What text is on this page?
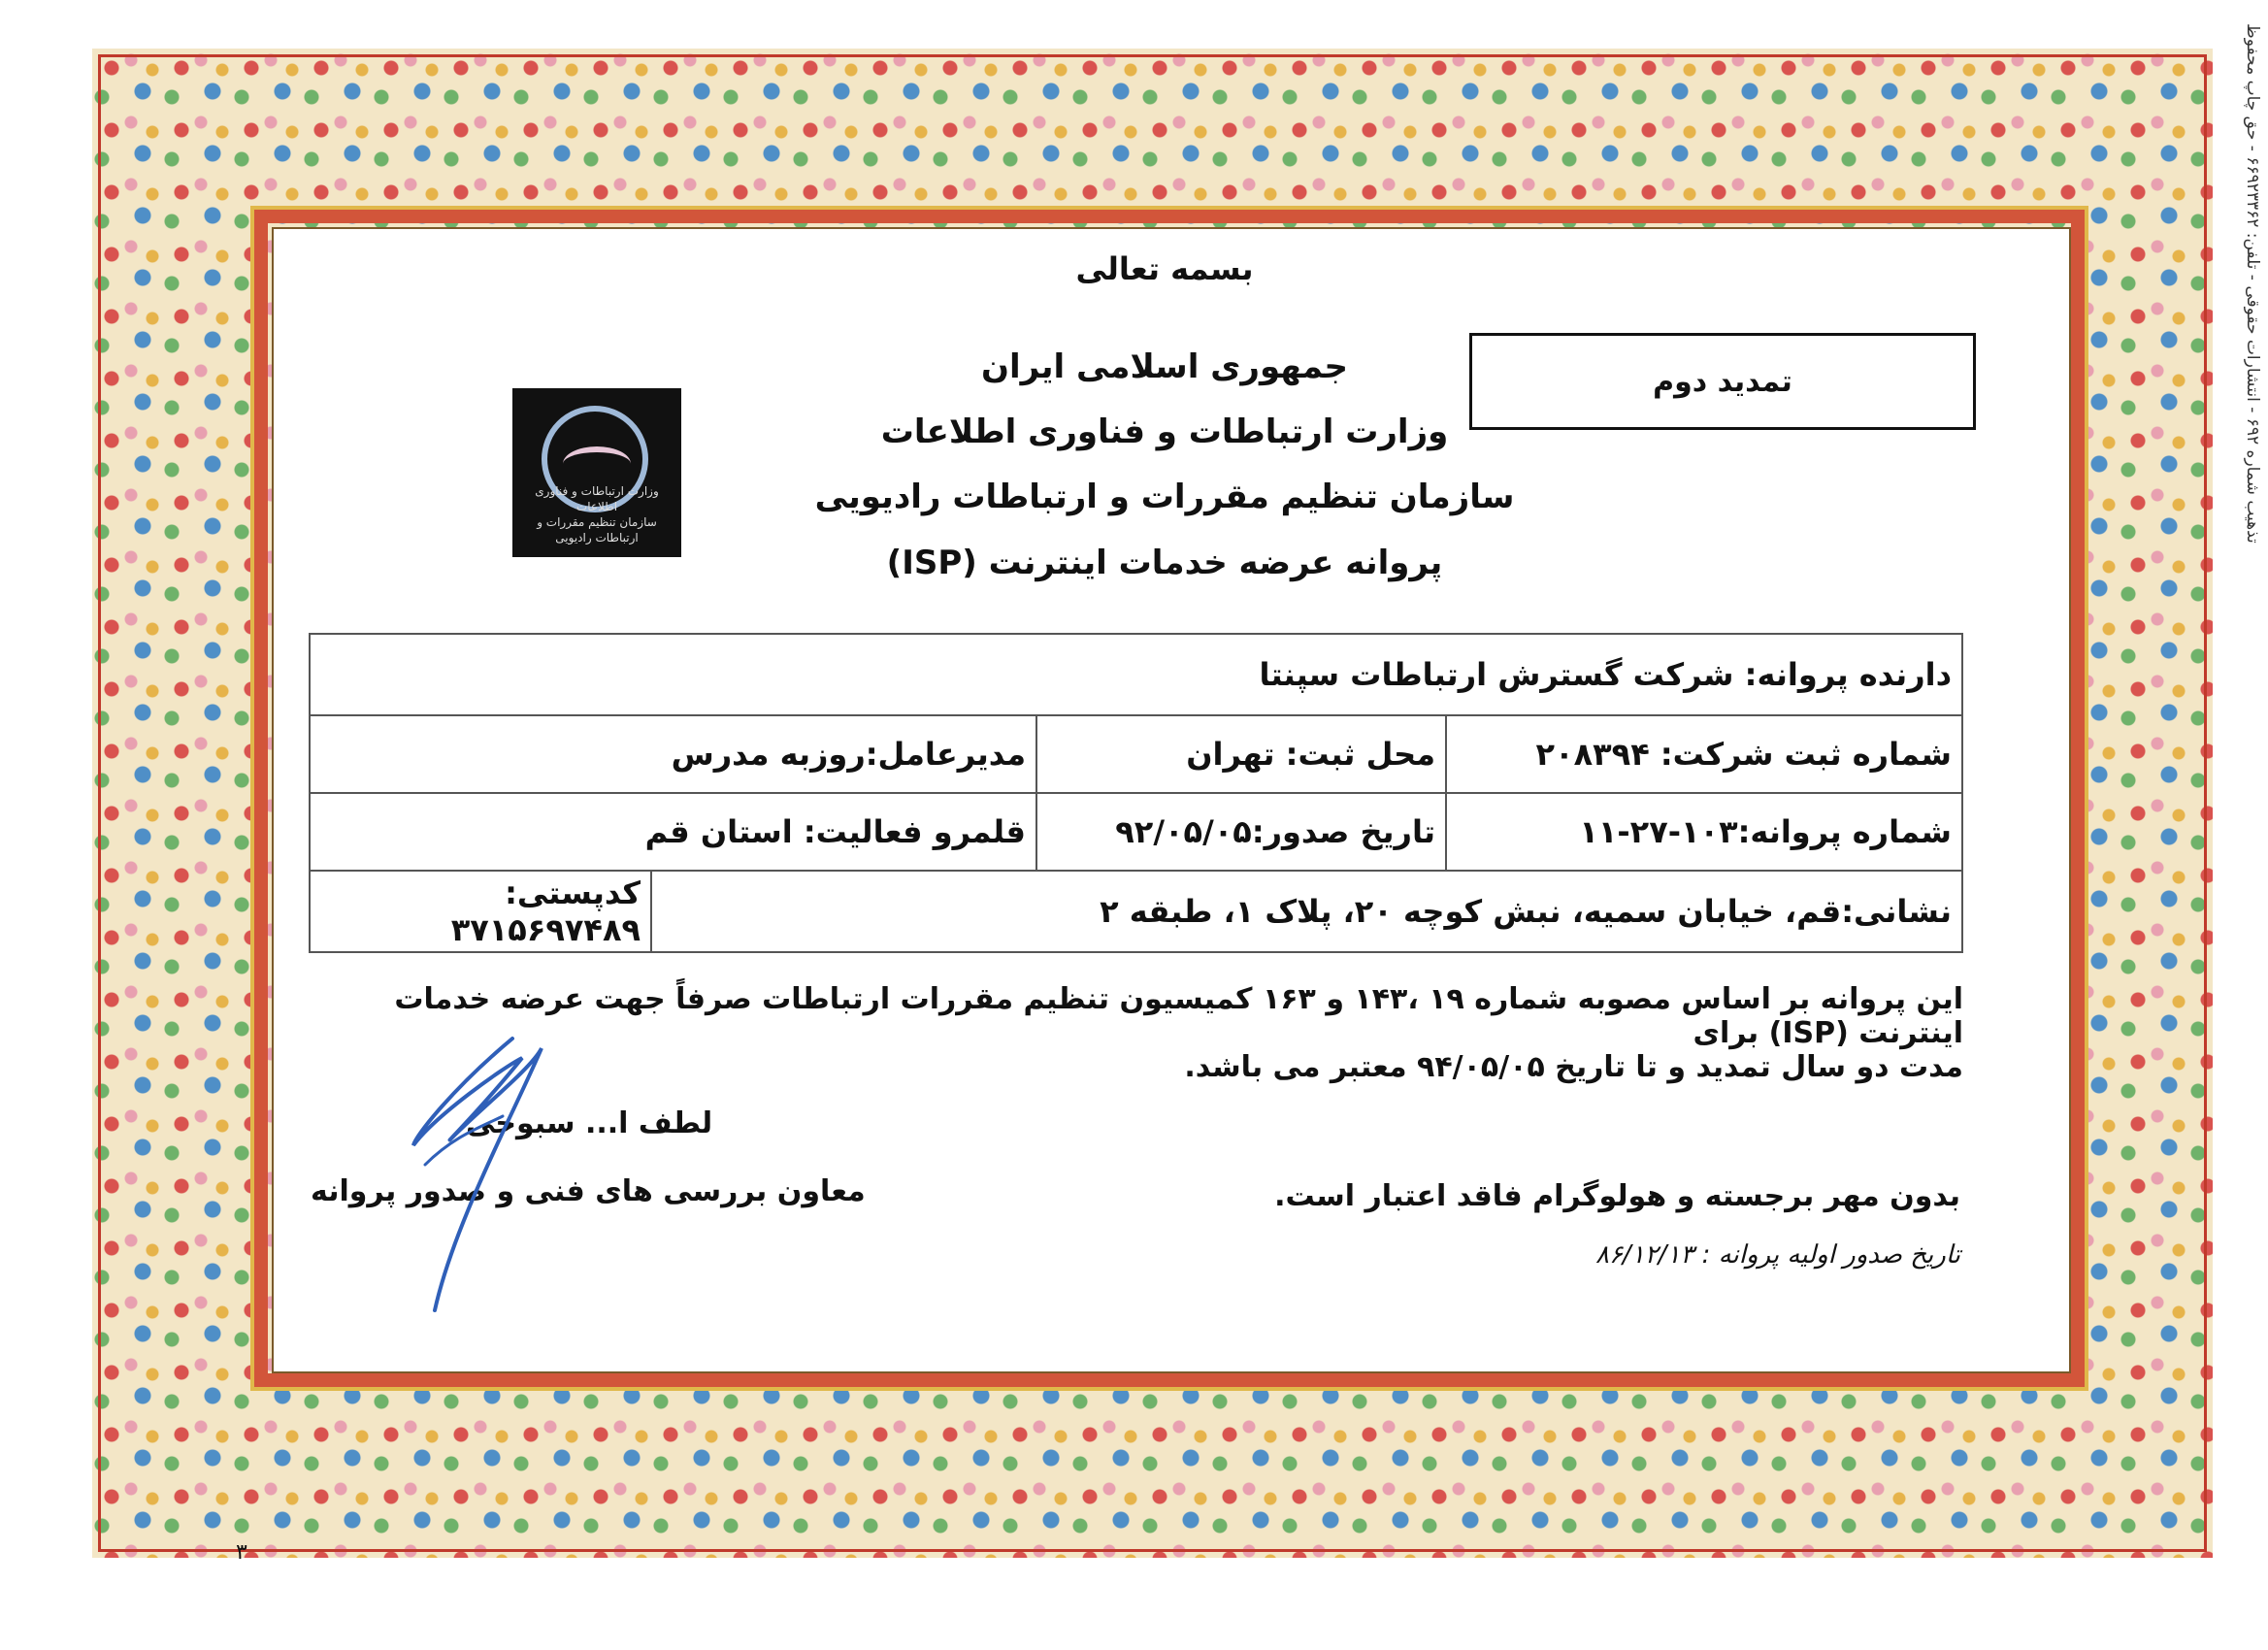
تذهیب شماره ۶۹۲ - انتشارات حقوقی - تلفن: ۶۶۹۲۳۳۶۲ - حق چاپ محفوظ
بسمه تعالی
تمدید دوم
جمهوری اسلامی ایران
وزارت ارتباطات و فناوری اطلاعات
سازمان تنظیم مقررات و ارتباطات رادیویی
پروانه عرضه خدمات اینترنت (ISP)
وزارت ارتباطات و فناوری اطلاعات
سازمان تنظیم مقررات و ارتباطات رادیویی
دارنده پروانه: شرکت گسترش ارتباطات سپنتا			
شماره ثبت شرکت: ۲۰۸۳۹۴	محل ثبت: تهران	مدیرعامل:روزبه مدرس	
شماره پروانه:۱۰۳-۲۷-۱۱	تاریخ صدور:۹۲/۰۵/۰۵	قلمرو فعالیت: استان قم	
نشانی:قم، خیابان سمیه، نبش کوچه ۲۰، پلاک ۱، طبقه ۲			کدپستی: ۳۷۱۵۶۹۷۴۸۹
این پروانه بر اساس مصوبه شماره ۱۹ ،۱۴۳ و ۱۶۳ کمیسیون تنظیم مقررات ارتباطات صرفاً جهت عرضه خدمات اینترنت (ISP) برای
مدت دو سال تمدید و تا تاریخ ۹۴/۰۵/۰۵ معتبر می باشد.
لطف ا... سبوحی
معاون بررسی های فنی و صدور پروانه	بدون مهر برجسته و هولوگرام فاقد اعتبار است.
تاریخ صدور اولیه پروانه : ۸۶/۱۲/۱۳
۳
